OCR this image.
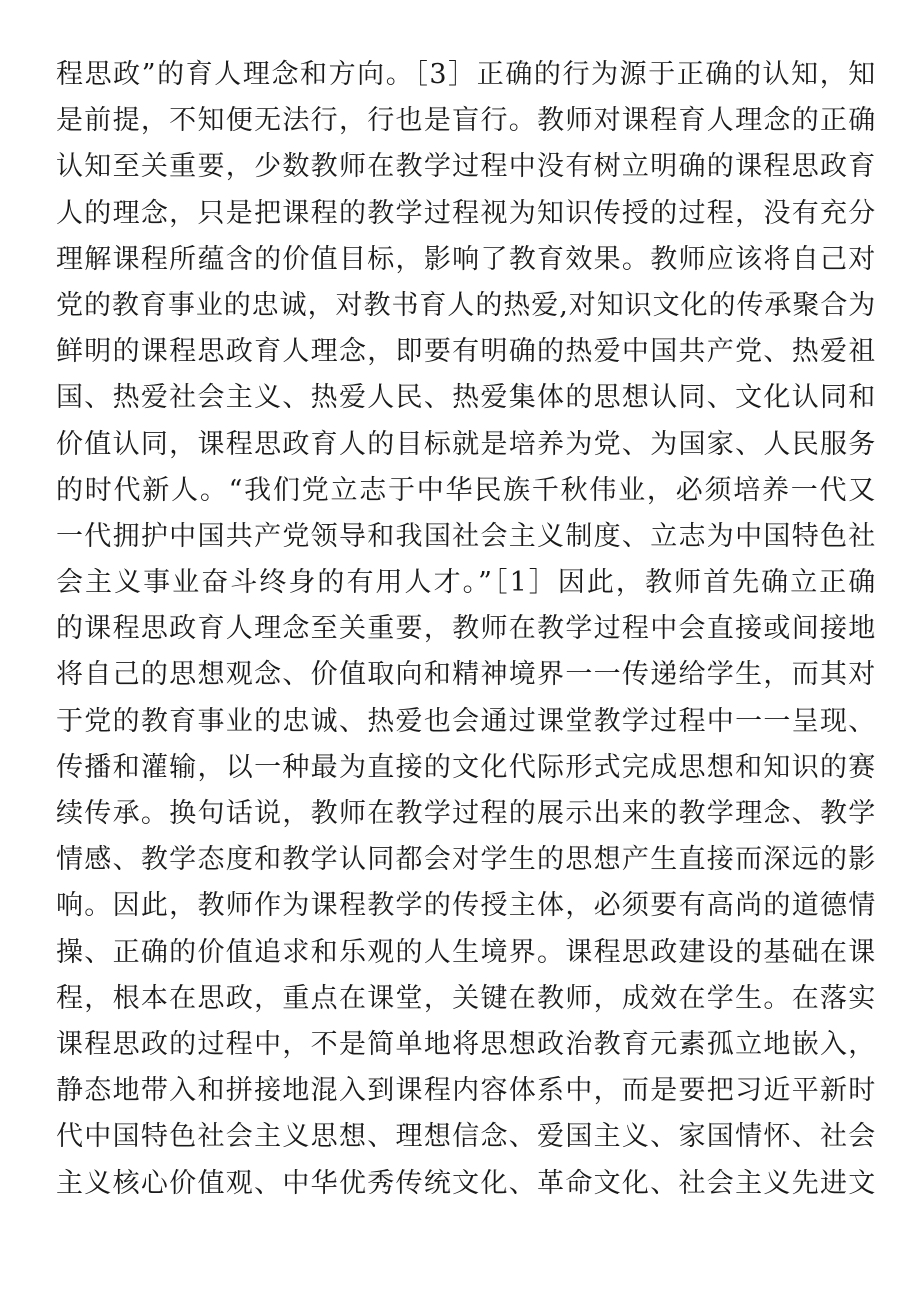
程思政”的育人理念和方向。［3］正确的行为源于正确的认知，知
是前提，不知便无法行，行也是盲行。教师对课程育人理念的正确
认知至关重要，少数教师在教学过程中没有树立明确的课程思政育
人的理念，只是把课程的教学过程视为知识传授的过程，没有充分
理解课程所蕴含的价值目标，影响了教育效果。教师应该将自己对
党的教育事业的忠诚，对教书育人的热爱,对知识文化的传承聚合为
鲜明的课程思政育人理念，即要有明确的热爱中国共产党、热爱祖
国、热爱社会主义、热爱人民、热爱集体的思想认同、文化认同和
价值认同，课程思政育人的目标就是培养为党、为国家、人民服务
的时代新人。“我们党立志于中华民族千秋伟业，必须培养一代又
一代拥护中国共产党领导和我国社会主义制度、立志为中国特色社
会主义事业奋斗终身的有用人才。”［1］因此，教师首先确立正确
的课程思政育人理念至关重要，教师在教学过程中会直接或间接地
将自己的思想观念、价值取向和精神境界一一传递给学生，而其对
于党的教育事业的忠诚、热爱也会通过课堂教学过程中一一呈现、
传播和灌输，以一种最为直接的文化代际形式完成思想和知识的赛
续传承。换句话说，教师在教学过程的展示出来的教学理念、教学
情感、教学态度和教学认同都会对学生的思想产生直接而深远的影
响。因此，教师作为课程教学的传授主体，必须要有高尚的道德情
操、正确的价值追求和乐观的人生境界。课程思政建设的基础在课
程，根本在思政，重点在课堂，关键在教师，成效在学生。在落实
课程思政的过程中，不是简单地将思想政治教育元素孤立地嵌入，
静态地带入和拼接地混入到课程内容体系中，而是要把习近平新时
代中国特色社会主义思想、理想信念、爱国主义、家国情怀、社会
主义核心价值观、中华优秀传统文化、革命文化、社会主义先进文
